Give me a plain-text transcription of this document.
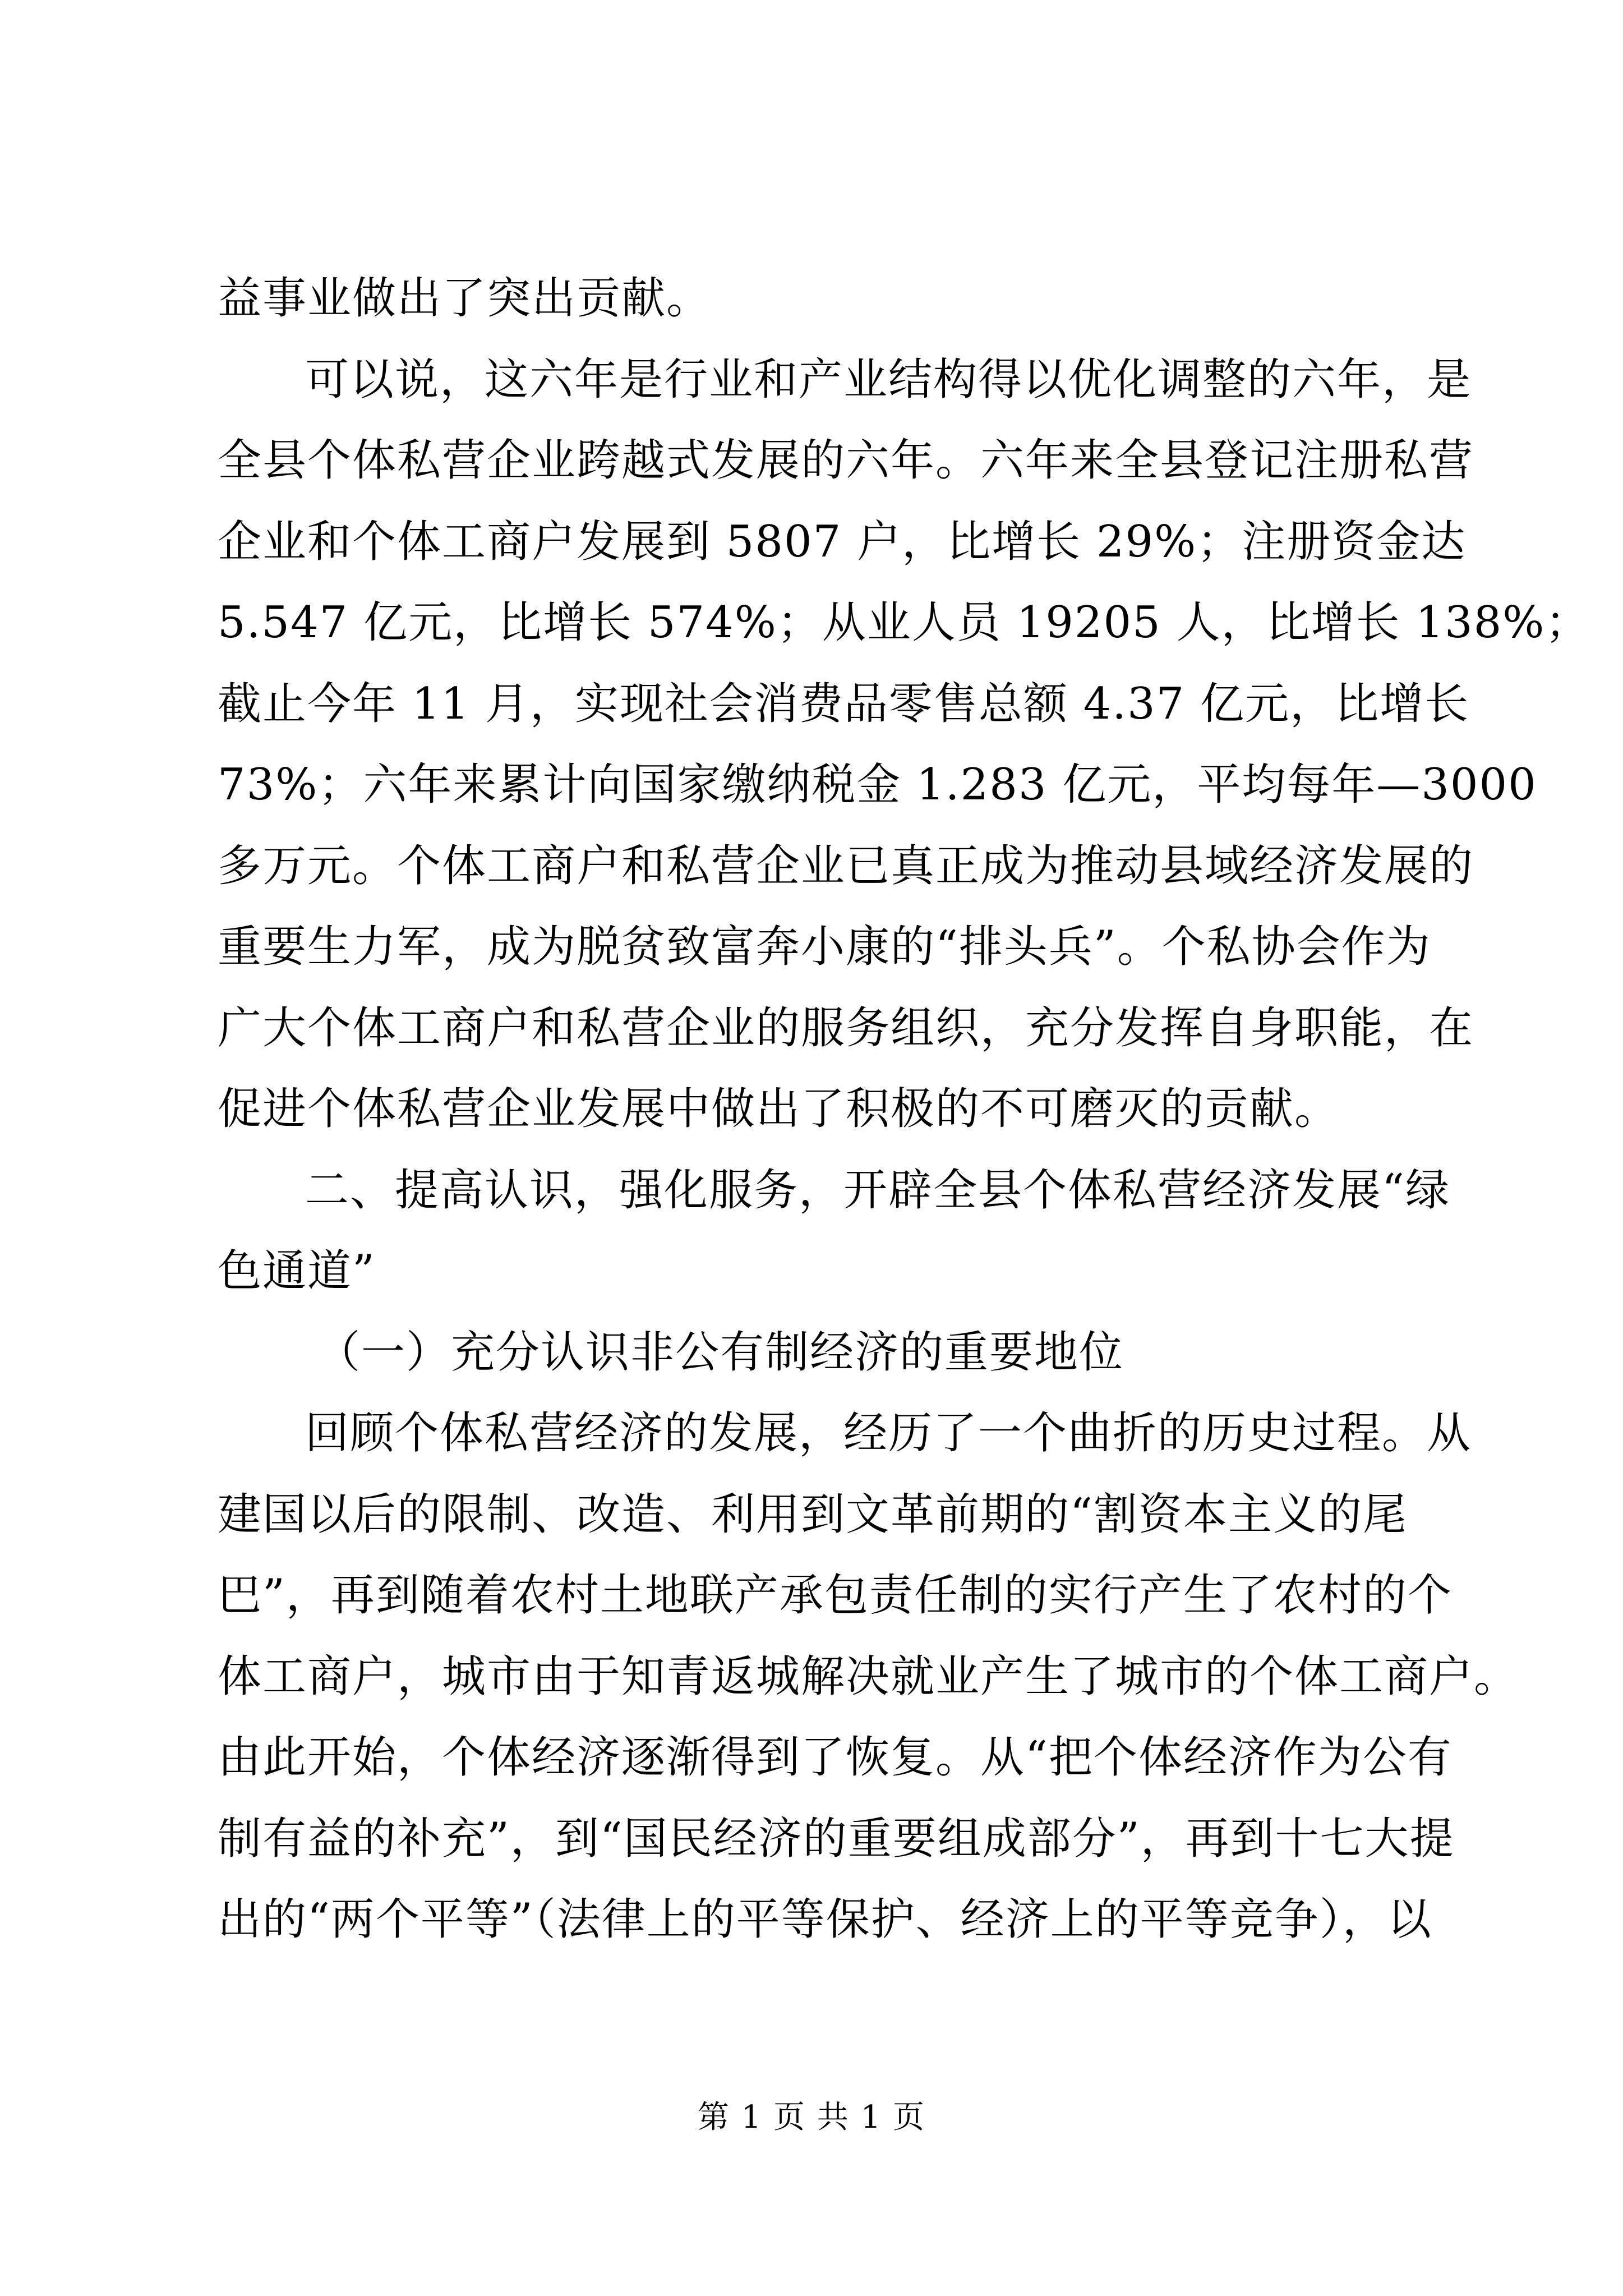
益事业做出了突出贡献。
可以说，这六年是行业和产业结构得以优化调整的六年，是
全县个体私营企业跨越式发展的六年。六年来全县登记注册私营
企业和个体工商户发展到 5807 户，比增长 29%；注册资金达
5.547 亿元，比增长 574%；从业人员 19205 人，比增长 138%；
截止今年 11 月，实现社会消费品零售总额 4.37 亿元，比增长
73%；六年来累计向国家缴纳税金 1.283 亿元，平均每年—3000
多万元。个体工商户和私营企业已真正成为推动县域经济发展的
重要生力军，成为脱贫致富奔小康的“排头兵”。个私协会作为
广大个体工商户和私营企业的服务组织，充分发挥自身职能，在
促进个体私营企业发展中做出了积极的不可磨灭的贡献。
二、提高认识，强化服务，开辟全县个体私营经济发展“绿
色通道”
（一）充分认识非公有制经济的重要地位
回顾个体私营经济的发展，经历了一个曲折的历史过程。从
建国以后的限制、改造、利用到文革前期的“割资本主义的尾
巴”，再到随着农村土地联产承包责任制的实行产生了农村的个
体工商户，城市由于知青返城解决就业产生了城市的个体工商户。
由此开始，个体经济逐渐得到了恢复。从“把个体经济作为公有
制有益的补充”，到“国民经济的重要组成部分”，再到十七大提
出的“两个平等”（法律上的平等保护、经济上的平等竞争），以
第 1 页 共 1 页
